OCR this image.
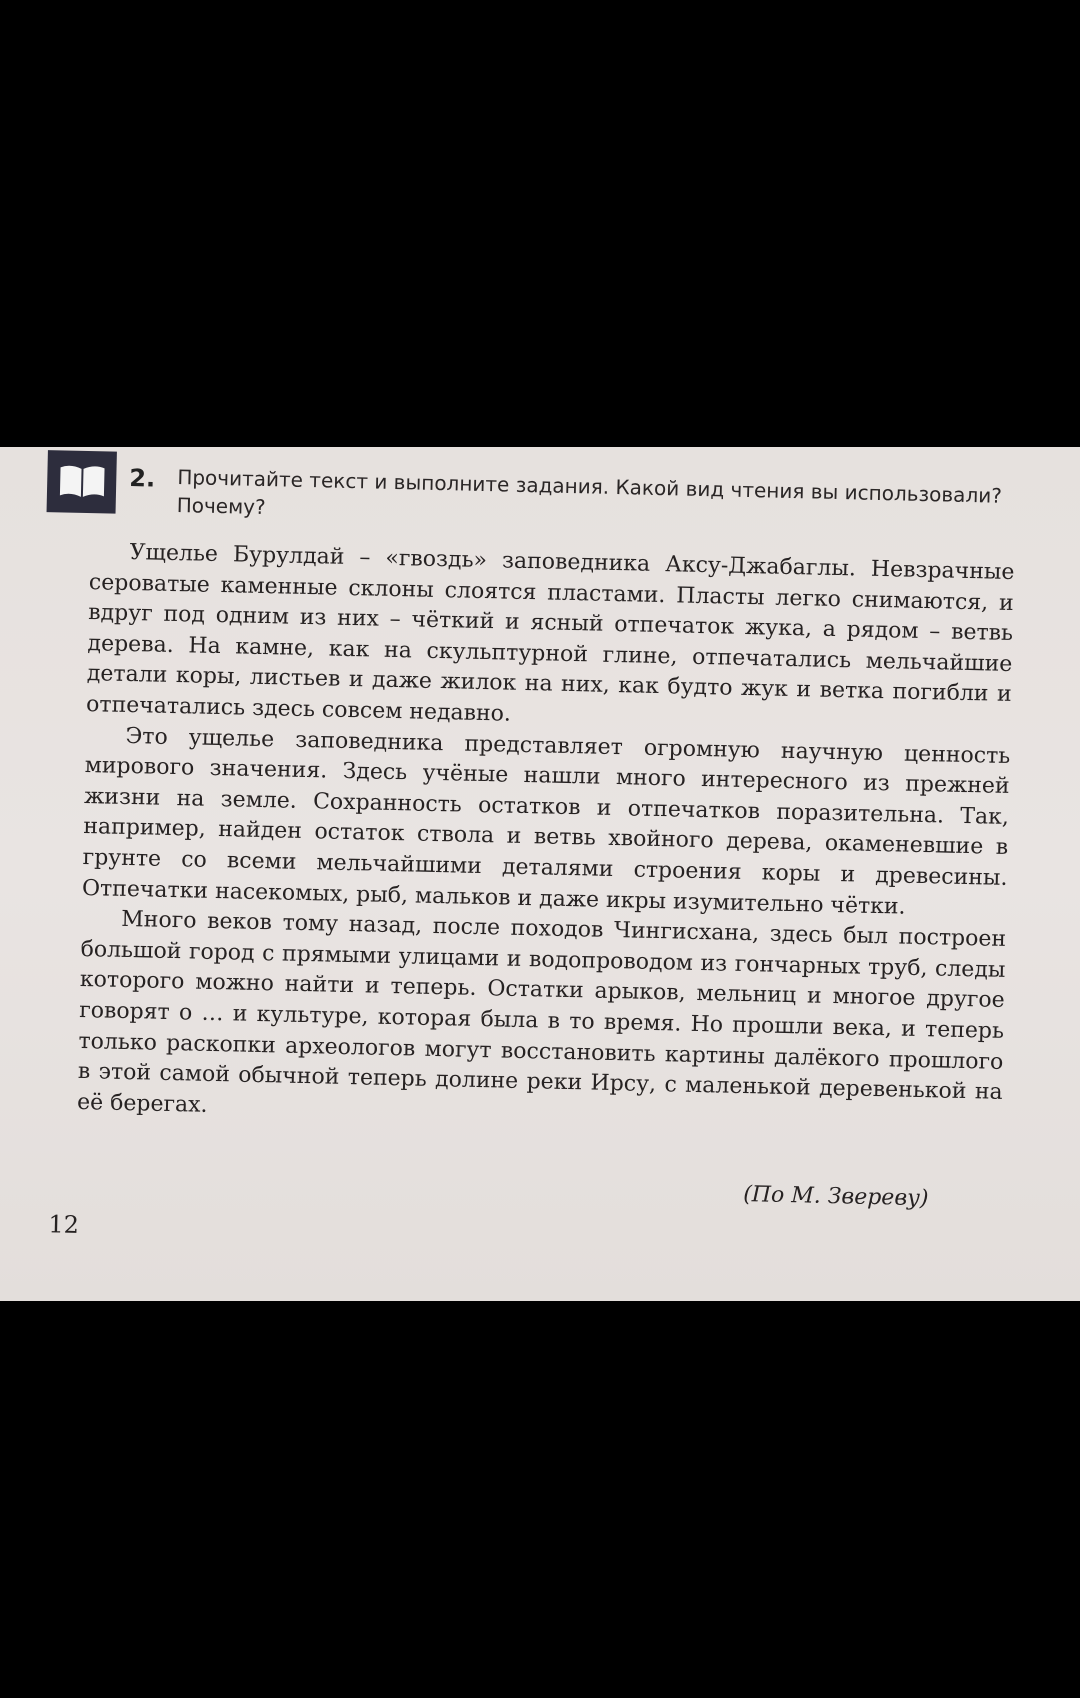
2. Прочитайте текст и выполните задания. Какой вид чтения вы использовали? Почему?

Ущелье Бурулдай – «гвоздь» заповедника Аксу-Джабаглы. Невзрачные сероватые каменные склоны слоятся пластами. Пласты легко снимаются, и вдруг под одним из них – чёткий и ясный отпечаток жука, а рядом – ветвь дерева. На камне, как на скульптурной глине, отпечатались мельчайшие детали коры, листьев и даже жилок на них, как будто жук и ветка погибли и отпечатались здесь совсем недавно.

Это ущелье заповедника представляет огромную научную ценность мирового значения. Здесь учёные нашли много интересного из прежней жизни на земле. Сохранность остатков и отпечатков поразительна. Так, например, найден остаток ствола и ветвь хвойного дерева, окаменевшие в грунте со всеми мельчайшими деталями строения коры и древесины. Отпечатки насекомых, рыб, мальков и даже икры изумительно чётки.

Много веков тому назад, после походов Чингисхана, здесь был построен большой город с прямыми улицами и водопроводом из гончарных труб, следы которого можно найти и теперь. Остатки арыков, мельниц и многое другое говорят о … и культуре, которая была в то время. Но прошли века, и теперь только раскопки археологов могут восстановить картины далёкого прошлого в этой самой обычной теперь долине реки Ирсу, с маленькой деревенькой на её берегах.

(По М. Звереву)
12
